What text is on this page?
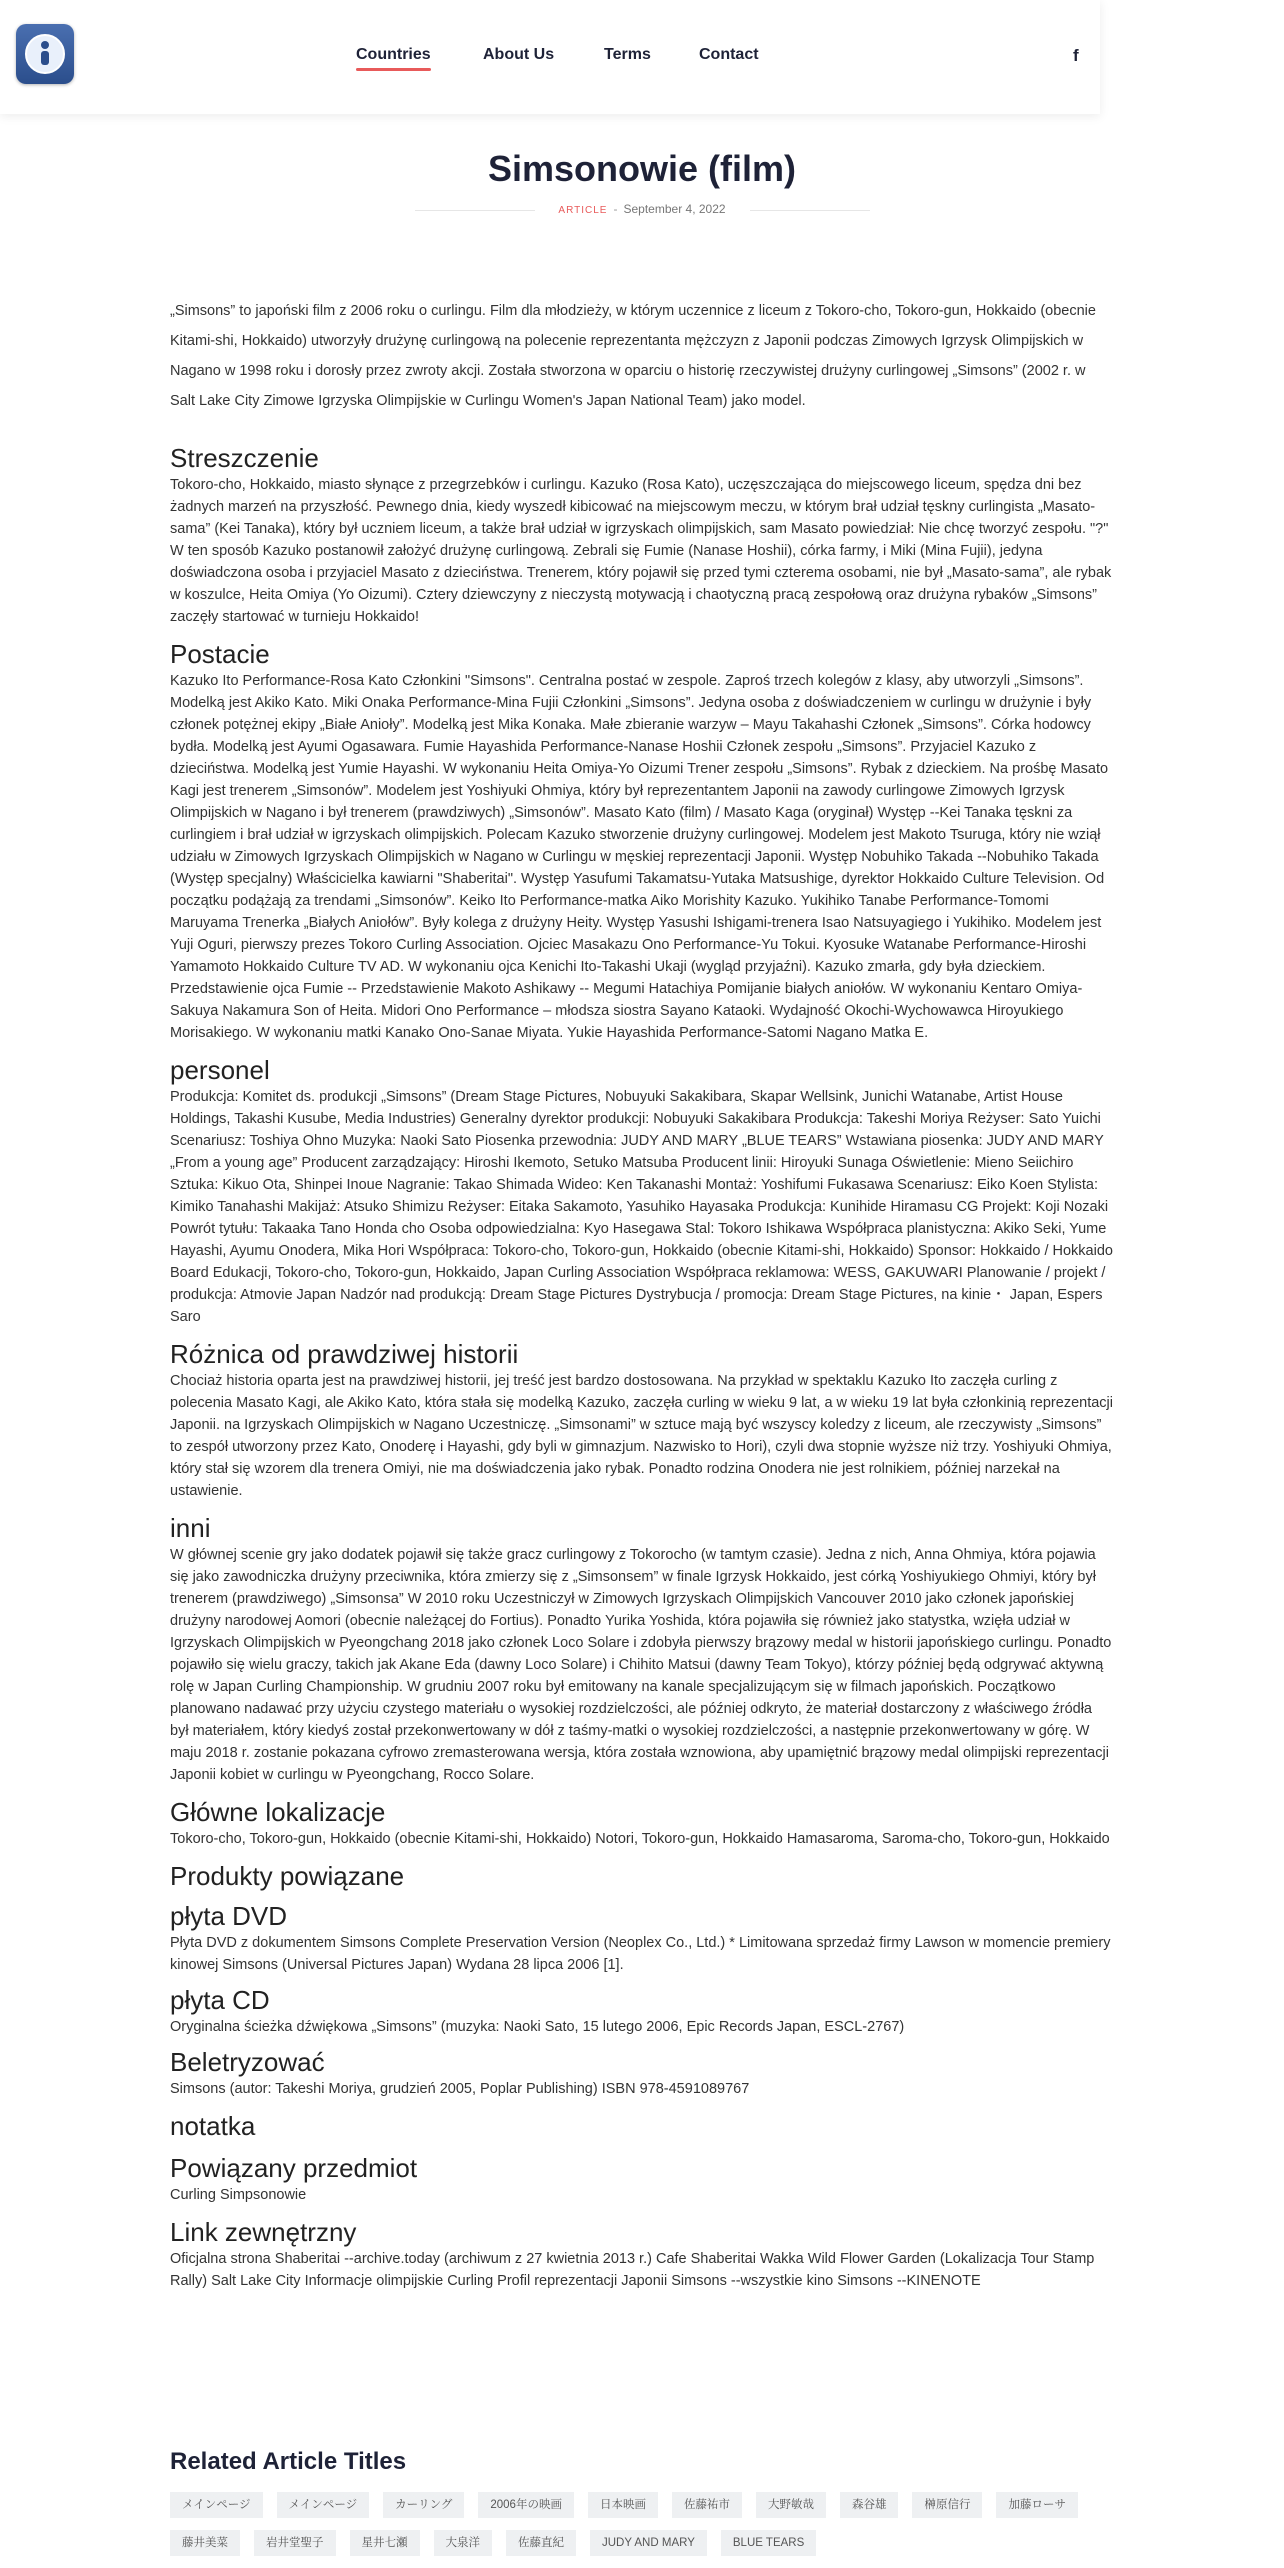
Countries	About Us	Terms	Contact	f
Simsonowie (film)
ARTICLE - September 4, 2022

„Simsons” to japoński film z 2006 roku o curlingu. Film dla młodzieży, w którym uczennice z liceum z Tokoro-cho, Tokoro-gun, Hokkaido (obecnie Kitami-shi, Hokkaido) utworzyły drużynę curlingową na polecenie reprezentanta mężczyzn z Japonii podczas Zimowych Igrzysk Olimpijskich w Nagano w 1998 roku i dorosły przez zwroty akcji. Została stworzona w oparciu o historię rzeczywistej drużyny curlingowej „Simsons” (2002 r. w Salt Lake City Zimowe Igrzyska Olimpijskie w Curlingu Women's Japan National Team) jako model.

Streszczenie

Tokoro-cho, Hokkaido, miasto słynące z przegrzebków i curlingu. Kazuko (Rosa Kato), uczęszczająca do miejscowego liceum, spędza dni bez żadnych marzeń na przyszłość. Pewnego dnia, kiedy wyszedł kibicować na miejscowym meczu, w którym brał udział tęskny curlingista „Masato-sama” (Kei Tanaka), który był uczniem liceum, a także brał udział w igrzyskach olimpijskich, sam Masato powiedział: Nie chcę tworzyć zespołu. "?" W ten sposób Kazuko postanowił założyć drużynę curlingową. Zebrali się Fumie (Nanase Hoshii), córka farmy, i Miki (Mina Fujii), jedyna doświadczona osoba i przyjaciel Masato z dzieciństwa. Trenerem, który pojawił się przed tymi czterema osobami, nie był „Masato-sama”, ale rybak w koszulce, Heita Omiya (Yo Oizumi). Cztery dziewczyny z nieczystą motywacją i chaotyczną pracą zespołową oraz drużyna rybaków „Simsons” zaczęły startować w turnieju Hokkaido!

Postacie

Kazuko Ito Performance-Rosa Kato Członkini "Simsons". Centralna postać w zespole. Zaproś trzech kolegów z klasy, aby utworzyli „Simsons”. Modelką jest Akiko Kato. Miki Onaka Performance-Mina Fujii Członkini „Simsons”. Jedyna osoba z doświadczeniem w curlingu w drużynie i były członek potężnej ekipy „Białe Anioły”. Modelką jest Mika Konaka. Małe zbieranie warzyw – Mayu Takahashi Członek „Simsons”. Córka hodowcy bydła. Modelką jest Ayumi Ogasawara. Fumie Hayashida Performance-Nanase Hoshii Członek zespołu „Simsons”. Przyjaciel Kazuko z dzieciństwa. Modelką jest Yumie Hayashi. W wykonaniu Heita Omiya-Yo Oizumi Trener zespołu „Simsons”. Rybak z dzieckiem. Na prośbę Masato Kagi jest trenerem „Simsonów”. Modelem jest Yoshiyuki Ohmiya, który był reprezentantem Japonii na zawody curlingowe Zimowych Igrzysk Olimpijskich w Nagano i był trenerem (prawdziwych) „Simsonów”. Masato Kato (film) / Masato Kaga (oryginał) Występ --Kei Tanaka tęskni za curlingiem i brał udział w igrzyskach olimpijskich. Polecam Kazuko stworzenie drużyny curlingowej. Modelem jest Makoto Tsuruga, który nie wziął udziału w Zimowych Igrzyskach Olimpijskich w Nagano w Curlingu w męskiej reprezentacji Japonii. Występ Nobuhiko Takada --Nobuhiko Takada (Występ specjalny) Właścicielka kawiarni "Shaberitai". Występ Yasufumi Takamatsu-Yutaka Matsushige, dyrektor Hokkaido Culture Television. Od początku podążają za trendami „Simsonów”. Keiko Ito Performance-matka Aiko Morishity Kazuko. Yukihiko Tanabe Performance-Tomomi Maruyama Trenerka „Białych Aniołów”. Były kolega z drużyny Heity. Występ Yasushi Ishigami-trenera Isao Natsuyagiego i Yukihiko. Modelem jest Yuji Oguri, pierwszy prezes Tokoro Curling Association. Ojciec Masakazu Ono Performance-Yu Tokui. Kyosuke Watanabe Performance-Hiroshi Yamamoto Hokkaido Culture TV AD. W wykonaniu ojca Kenichi Ito-Takashi Ukaji (wygląd przyjaźni). Kazuko zmarła, gdy była dzieckiem. Przedstawienie ojca Fumie -- Przedstawienie Makoto Ashikawy -- Megumi Hatachiya Pomijanie białych aniołów. W wykonaniu Kentaro Omiya-Sakuya Nakamura Son of Heita. Midori Ono Performance – młodsza siostra Sayano Kataoki. Wydajność Okochi-Wychowawca Hiroyukiego Morisakiego. W wykonaniu matki Kanako Ono-Sanae Miyata. Yukie Hayashida Performance-Satomi Nagano Matka E.

personel

Produkcja: Komitet ds. produkcji „Simsons” (Dream Stage Pictures, Nobuyuki Sakakibara, Skapar Wellsink, Junichi Watanabe, Artist House Holdings, Takashi Kusube, Media Industries) Generalny dyrektor produkcji: Nobuyuki Sakakibara Produkcja: Takeshi Moriya Reżyser: Sato Yuichi Scenariusz: Toshiya Ohno Muzyka: Naoki Sato Piosenka przewodnia: JUDY AND MARY „BLUE TEARS” Wstawiana piosenka: JUDY AND MARY „From a young age” Producent zarządzający: Hiroshi Ikemoto, Setuko Matsuba Producent linii: Hiroyuki Sunaga Oświetlenie: Mieno Seiichiro Sztuka: Kikuo Ota, Shinpei Inoue Nagranie: Takao Shimada Wideo: Ken Takanashi Montaż: Yoshifumi Fukasawa Scenariusz: Eiko Koen Stylista: Kimiko Tanahashi Makijaż: Atsuko Shimizu Reżyser: Eitaka Sakamoto, Yasuhiko Hayasaka Produkcja: Kunihide Hiramasu CG Projekt: Koji Nozaki Powrót tytułu: Takaaka Tano Honda cho Osoba odpowiedzialna: Kyo Hasegawa Stal: Tokoro Ishikawa Współpraca planistyczna: Akiko Seki, Yume Hayashi, Ayumu Onodera, Mika Hori Współpraca: Tokoro-cho, Tokoro-gun, Hokkaido (obecnie Kitami-shi, Hokkaido) Sponsor: Hokkaido / Hokkaido Board Edukacji, Tokoro-cho, Tokoro-gun, Hokkaido, Japan Curling Association Współpraca reklamowa: WESS, GAKUWARI Planowanie / projekt / produkcja: Atmovie Japan Nadzór nad produkcją: Dream Stage Pictures Dystrybucja / promocja: Dream Stage Pictures, na kinie・ Japan, Espers Saro

Różnica od prawdziwej historii

Chociaż historia oparta jest na prawdziwej historii, jej treść jest bardzo dostosowana. Na przykład w spektaklu Kazuko Ito zaczęła curling z polecenia Masato Kagi, ale Akiko Kato, która stała się modelką Kazuko, zaczęła curling w wieku 9 lat, a w wieku 19 lat była członkinią reprezentacji Japonii. na Igrzyskach Olimpijskich w Nagano Uczestniczę. „Simsonami” w sztuce mają być wszyscy koledzy z liceum, ale rzeczywisty „Simsons” to zespół utworzony przez Kato, Onoderę i Hayashi, gdy byli w gimnazjum. Nazwisko to Hori), czyli dwa stopnie wyższe niż trzy. Yoshiyuki Ohmiya, który stał się wzorem dla trenera Omiyi, nie ma doświadczenia jako rybak. Ponadto rodzina Onodera nie jest rolnikiem, później narzekał na ustawienie.

inni

W głównej scenie gry jako dodatek pojawił się także gracz curlingowy z Tokorocho (w tamtym czasie). Jedna z nich, Anna Ohmiya, która pojawia się jako zawodniczka drużyny przeciwnika, która zmierzy się z „Simsonsem” w finale Igrzysk Hokkaido, jest córką Yoshiyukiego Ohmiyi, który był trenerem (prawdziwego) „Simsonsa” W 2010 roku Uczestniczył w Zimowych Igrzyskach Olimpijskich Vancouver 2010 jako członek japońskiej drużyny narodowej Aomori (obecnie należącej do Fortius). Ponadto Yurika Yoshida, która pojawiła się również jako statystka, wzięła udział w Igrzyskach Olimpijskich w Pyeongchang 2018 jako członek Loco Solare i zdobyła pierwszy brązowy medal w historii japońskiego curlingu. Ponadto pojawiło się wielu graczy, takich jak Akane Eda (dawny Loco Solare) i Chihito Matsui (dawny Team Tokyo), którzy później będą odgrywać aktywną rolę w Japan Curling Championship. W grudniu 2007 roku był emitowany na kanale specjalizującym się w filmach japońskich. Początkowo planowano nadawać przy użyciu czystego materiału o wysokiej rozdzielczości, ale później odkryto, że materiał dostarczony z właściwego źródła był materiałem, który kiedyś został przekonwertowany w dół z taśmy-matki o wysokiej rozdzielczości, a następnie przekonwertowany w górę. W maju 2018 r. zostanie pokazana cyfrowo zremasterowana wersja, która została wznowiona, aby upamiętnić brązowy medal olimpijski reprezentacji Japonii kobiet w curlingu w Pyeongchang, Rocco Solare.

Główne lokalizacje

Tokoro-cho, Tokoro-gun, Hokkaido (obecnie Kitami-shi, Hokkaido) Notori, Tokoro-gun, Hokkaido Hamasaroma, Saroma-cho, Tokoro-gun, Hokkaido

Produkty powiązane
płyta DVD

Płyta DVD z dokumentem Simsons Complete Preservation Version (Neoplex Co., Ltd.) * Limitowana sprzedaż firmy Lawson w momencie premiery kinowej Simsons (Universal Pictures Japan) Wydana 28 lipca 2006 [1].

płyta CD

Oryginalna ścieżka dźwiękowa „Simsons” (muzyka: Naoki Sato, 15 lutego 2006, Epic Records Japan, ESCL-2767)

Beletryzować

Simsons (autor: Takeshi Moriya, grudzień 2005, Poplar Publishing) ISBN 978-4591089767

notatka
Powiązany przedmiot

Curling Simpsonowie

Link zewnętrzny

Oficjalna strona Shaberitai --archive.today (archiwum z 27 kwietnia 2013 r.) Cafe Shaberitai Wakka Wild Flower Garden (Lokalizacja Tour Stamp Rally) Salt Lake City Informacje olimpijskie Curling Profil reprezentacji Japonii Simsons --wszystkie kino Simsons --KINENOTE

Related Article Titles
メインページ	メインページ	カーリング	2006年の映画	日本映画	佐藤祐市	大野敏哉	森谷雄	榊原信行	加藤ローサ
藤井美菜	岩井堂聖子	星井七瀬	大泉洋	佐藤直紀	JUDY AND MARY	BLUE TEARS
